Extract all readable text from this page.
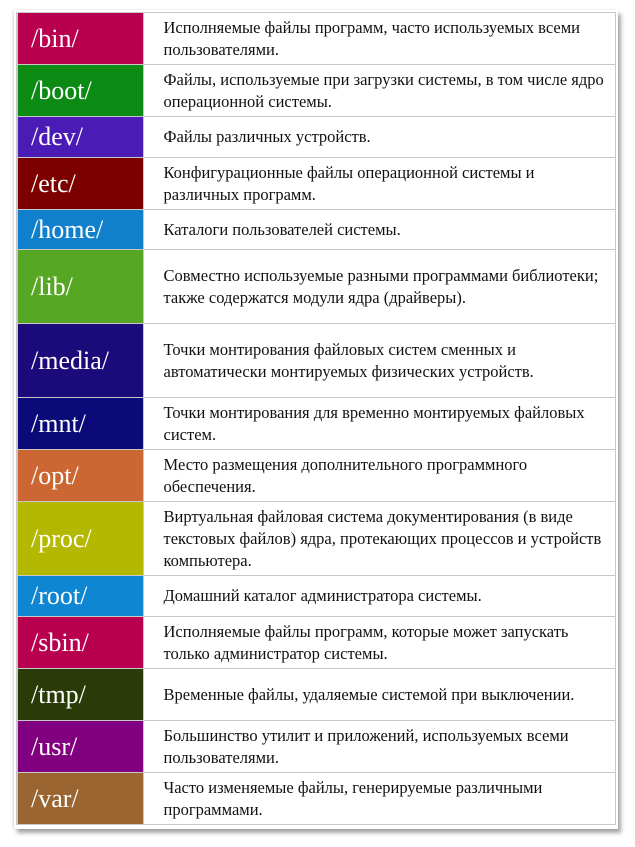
/bin/	Исполняемые файлы программ, часто используемых всеми пользователями.
/boot/	Файлы, используемые при загрузки системы, в том числе ядро операционной системы.
/dev/	Файлы различных устройств.
/etc/	Конфигурационные файлы операционной системы и различных программ.
/home/	Каталоги пользователей системы.
/lib/	Совместно используемые разными программами библиотеки; также содержатся модули ядра (драйверы).
/media/	Точки монтирования файловых систем сменных и автоматически монтируемых физических устройств.
/mnt/	Точки монтирования для временно монтируемых файловых систем.
/opt/	Место размещения дополнительного программного обеспечения.
/proc/	Виртуальная файловая система документирования (в виде текстовых файлов) ядра, протекающих процессов и устройств компьютера.
/root/	Домашний каталог администратора системы.
/sbin/	Исполняемые файлы программ, которые может запускать только администратор системы.
/tmp/	Временные файлы, удаляемые системой при выключении.
/usr/	Большинство утилит и приложений, используемых всеми пользователями.
/var/	Часто изменяемые файлы, генерируемые различными программами.
